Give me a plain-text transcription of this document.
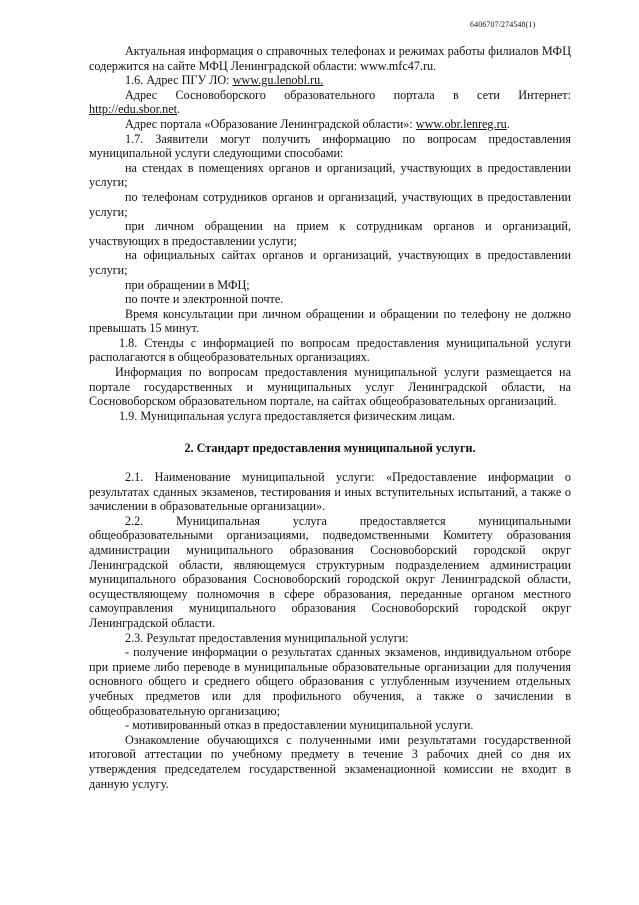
6406707/274548(1)

Актуальная информация о справочных телефонах и режимах работы филиалов МФЦ содержится на сайте МФЦ Ленинградской области: www.mfc47.ru.

1.6. Адрес ПГУ ЛО: www.gu.lenobl.ru.

Адрес Сосновоборского образовательного портала в сети Интернет: http://edu.sbor.net.

Адрес портала «Образование Ленинградской области»: www.obr.lenreg.ru.

1.7. Заявители могут получить информацию по вопросам предоставления муниципальной услуги следующими способами:

на стендах в помещениях органов и организаций, участвующих в предоставлении услуги;

по телефонам сотрудников органов и организаций, участвующих в предоставлении услуги;

при личном обращении на прием к сотрудникам органов и организаций, участвующих в предоставлении услуги;

на официальных сайтах органов и организаций, участвующих в предоставлении услуги;

при обращении в МФЦ;

по почте и электронной почте.

Время консультации при личном обращении и обращении по телефону не должно превышать 15 минут.

1.8. Стенды с информацией по вопросам предоставления муниципальной услуги располагаются в общеобразовательных организациях.

Информация по вопросам предоставления муниципальной услуги размещается на портале государственных и муниципальных услуг Ленинградской области, на Сосновоборском образовательном портале, на сайтах общеобразовательных организаций.

1.9. Муниципальная услуга предоставляется физическим лицам.

2. Стандарт предоставления муниципальной услуги.

2.1. Наименование муниципальной услуги: «Предоставление информации о результатах сданных экзаменов, тестирования и иных вступительных испытаний, а также о зачислении в образовательные организации».

2.2. Муниципальная услуга предоставляется муниципальными общеобразовательными организациями, подведомственными Комитету образования администрации муниципального образования Сосновоборский городской округ Ленинградской области, являющемуся структурным подразделением администрации муниципального образования Сосновоборский городской округ Ленинградской области, осуществляющему полномочия в сфере образования, переданные органом местного самоуправления муниципального образования Сосновоборский городской округ Ленинградской области.

2.3. Результат предоставления муниципальной услуги:

- получение информации о результатах сданных экзаменов, индивидуальном отборе при приеме либо переводе в муниципальные образовательные организации для получения основного общего и среднего общего образования с углубленным изучением отдельных учебных предметов или для профильного обучения, а также о зачислении в общеобразовательную организацию;

- мотивированный отказ в предоставлении муниципальной услуги.

Ознакомление обучающихся с полученными ими результатами государственной итоговой аттестации по учебному предмету в течение 3 рабочих дней со дня их утверждения председателем государственной экзаменационной комиссии не входит в данную услугу.
